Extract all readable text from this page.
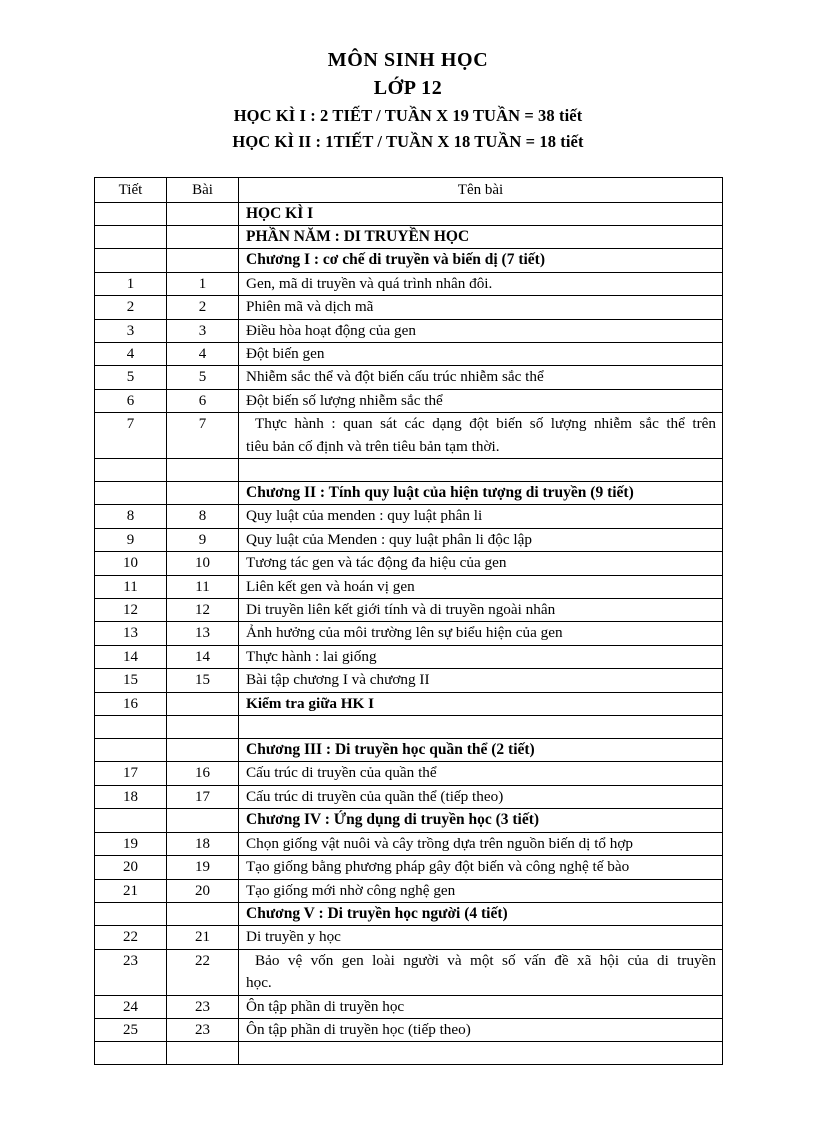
MÔN SINH HỌC
LỚP 12
HỌC KÌ I : 2 TIẾT / TUẦN X 19 TUẦN = 38 tiết
HỌC KÌ II : 1TIẾT / TUẦN X 18 TUẦN = 18 tiết
Tiết	Bài	Tên bài
		HỌC KÌ I
		PHẦN NĂM : DI TRUYỀN HỌC
		Chương I : cơ chế di truyền và biến dị (7 tiết)
1	1	Gen, mã di truyền và quá trình nhân đôi.
2	2	Phiên mã và dịch mã
3	3	Điều hòa hoạt động của gen
4	4	Đột biến gen
5	5	Nhiễm sắc thể và đột biến cấu trúc nhiễm sắc thể
6	6	Đột biến số lượng nhiễm sắc thể
7	7	Thực hành : quan sát các dạng đột biến số lượng nhiễm sắc thể trên
tiêu bản cố định và trên tiêu bản tạm thời.

		Chương II : Tính quy luật của hiện tượng di truyền (9 tiết)
8	8	Quy luật của menden : quy luật phân li
9	9	Quy luật của Menden : quy luật phân li độc lập
10	10	Tương tác gen và tác động đa hiệu của gen
11	11	Liên kết gen và hoán vị gen
12	12	Di truyền liên kết giới tính và di truyền ngoài nhân
13	13	Ảnh hưởng của môi trường lên sự biểu hiện của gen
14	14	Thực hành : lai giống
15	15	Bài tập chương I và chương II
16		Kiểm tra giữa HK I

		Chương III : Di truyền học quần thể (2 tiết)
17	16	Cấu trúc di truyền của quần thể
18	17	Cấu trúc di truyền của quần thể (tiếp theo)
		Chương IV : Ứng dụng di truyền học (3 tiết)
19	18	Chọn giống vật nuôi và cây trồng dựa trên nguồn biến dị tổ hợp
20	19	Tạo giống bằng phương pháp gây đột biến và công nghệ tế bào
21	20	Tạo giống mới nhờ công nghệ gen
		Chương V : Di truyền học người (4 tiết)
22	21	Di truyền y học
23	22	Bảo vệ vốn gen loài người và một số vấn đề xã hội của di truyền
học.

24	23	Ôn tập phần di truyền học
25	23	Ôn tập phần di truyền học (tiếp theo)
